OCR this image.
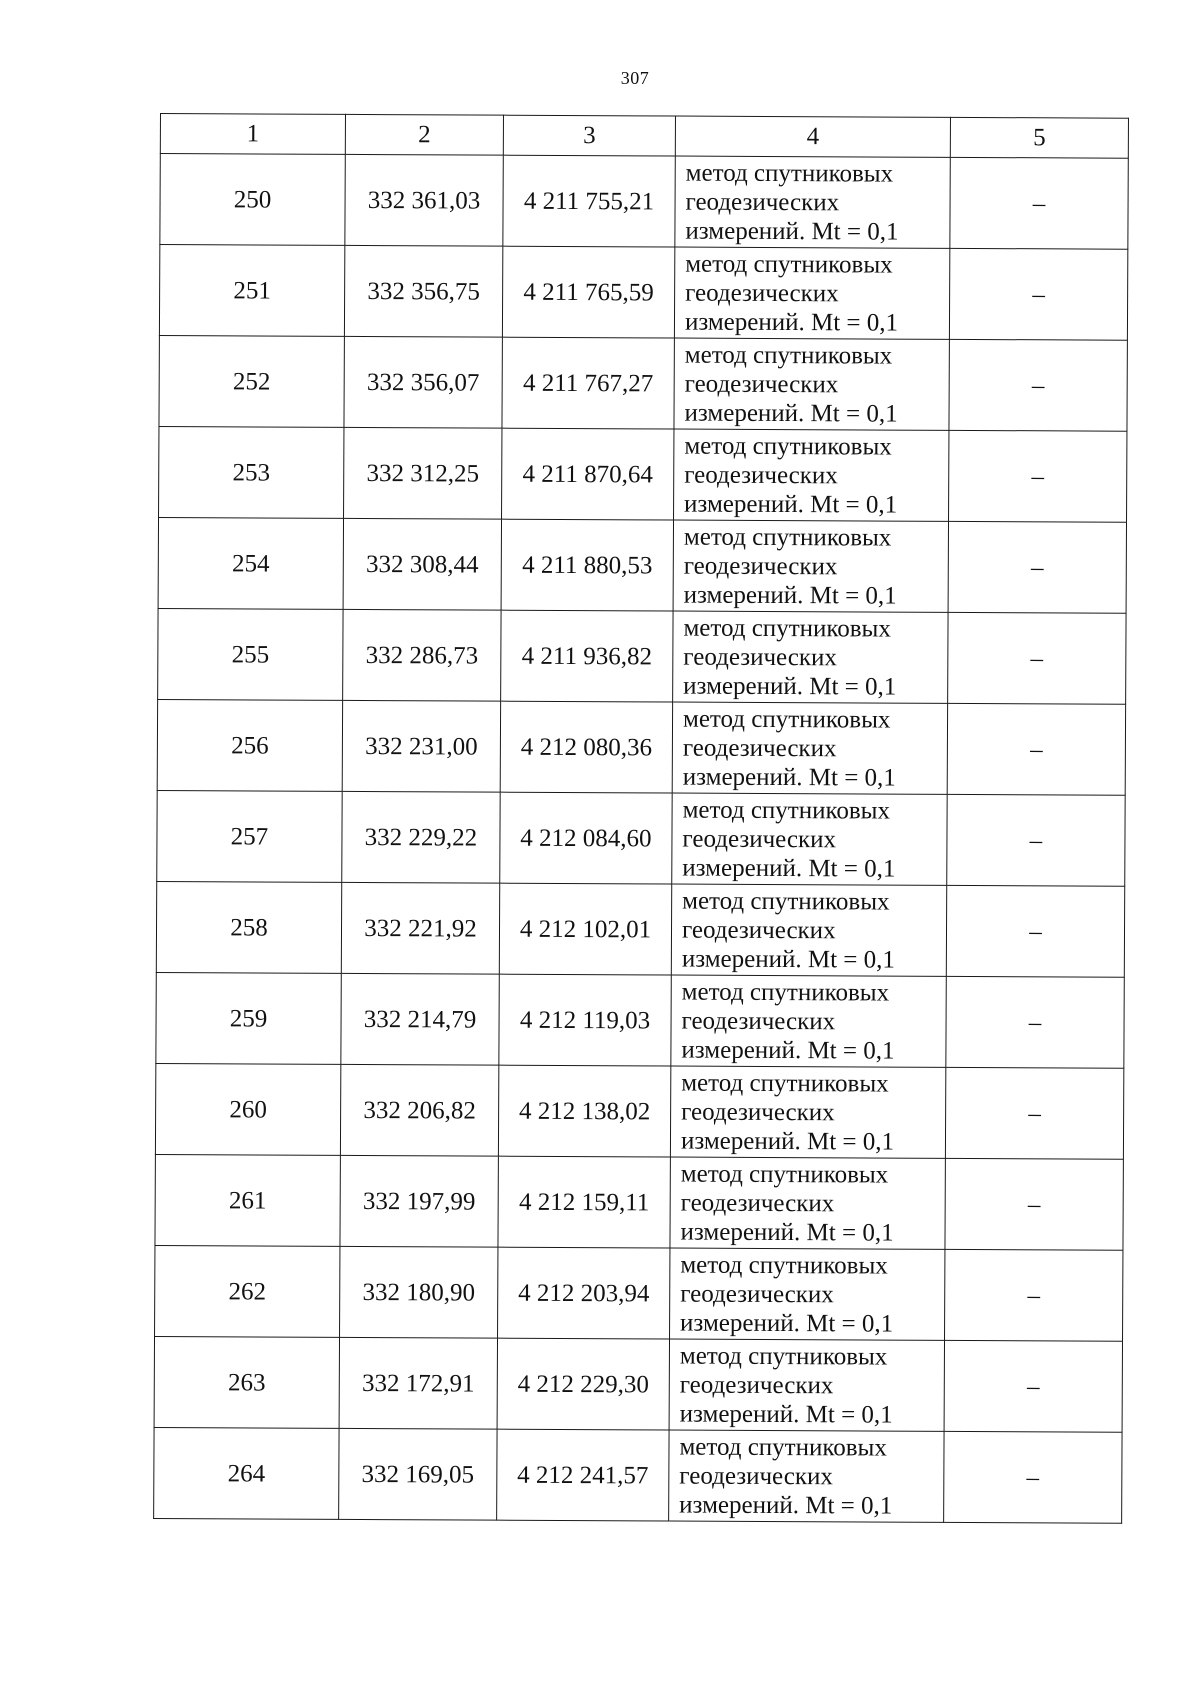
307
1	2	3	4	5
250	332 361,03	4 211 755,21	метод спутниковых
геодезических
измерений. Mt = 0,1	–
251	332 356,75	4 211 765,59	метод спутниковых
геодезических
измерений. Mt = 0,1	–
252	332 356,07	4 211 767,27	метод спутниковых
геодезических
измерений. Mt = 0,1	–
253	332 312,25	4 211 870,64	метод спутниковых
геодезических
измерений. Mt = 0,1	–
254	332 308,44	4 211 880,53	метод спутниковых
геодезических
измерений. Mt = 0,1	–
255	332 286,73	4 211 936,82	метод спутниковых
геодезических
измерений. Mt = 0,1	–
256	332 231,00	4 212 080,36	метод спутниковых
геодезических
измерений. Mt = 0,1	–
257	332 229,22	4 212 084,60	метод спутниковых
геодезических
измерений. Mt = 0,1	–
258	332 221,92	4 212 102,01	метод спутниковых
геодезических
измерений. Mt = 0,1	–
259	332 214,79	4 212 119,03	метод спутниковых
геодезических
измерений. Mt = 0,1	–
260	332 206,82	4 212 138,02	метод спутниковых
геодезических
измерений. Mt = 0,1	–
261	332 197,99	4 212 159,11	метод спутниковых
геодезических
измерений. Mt = 0,1	–
262	332 180,90	4 212 203,94	метод спутниковых
геодезических
измерений. Mt = 0,1	–
263	332 172,91	4 212 229,30	метод спутниковых
геодезических
измерений. Mt = 0,1	–
264	332 169,05	4 212 241,57	метод спутниковых
геодезических
измерений. Mt = 0,1	–
